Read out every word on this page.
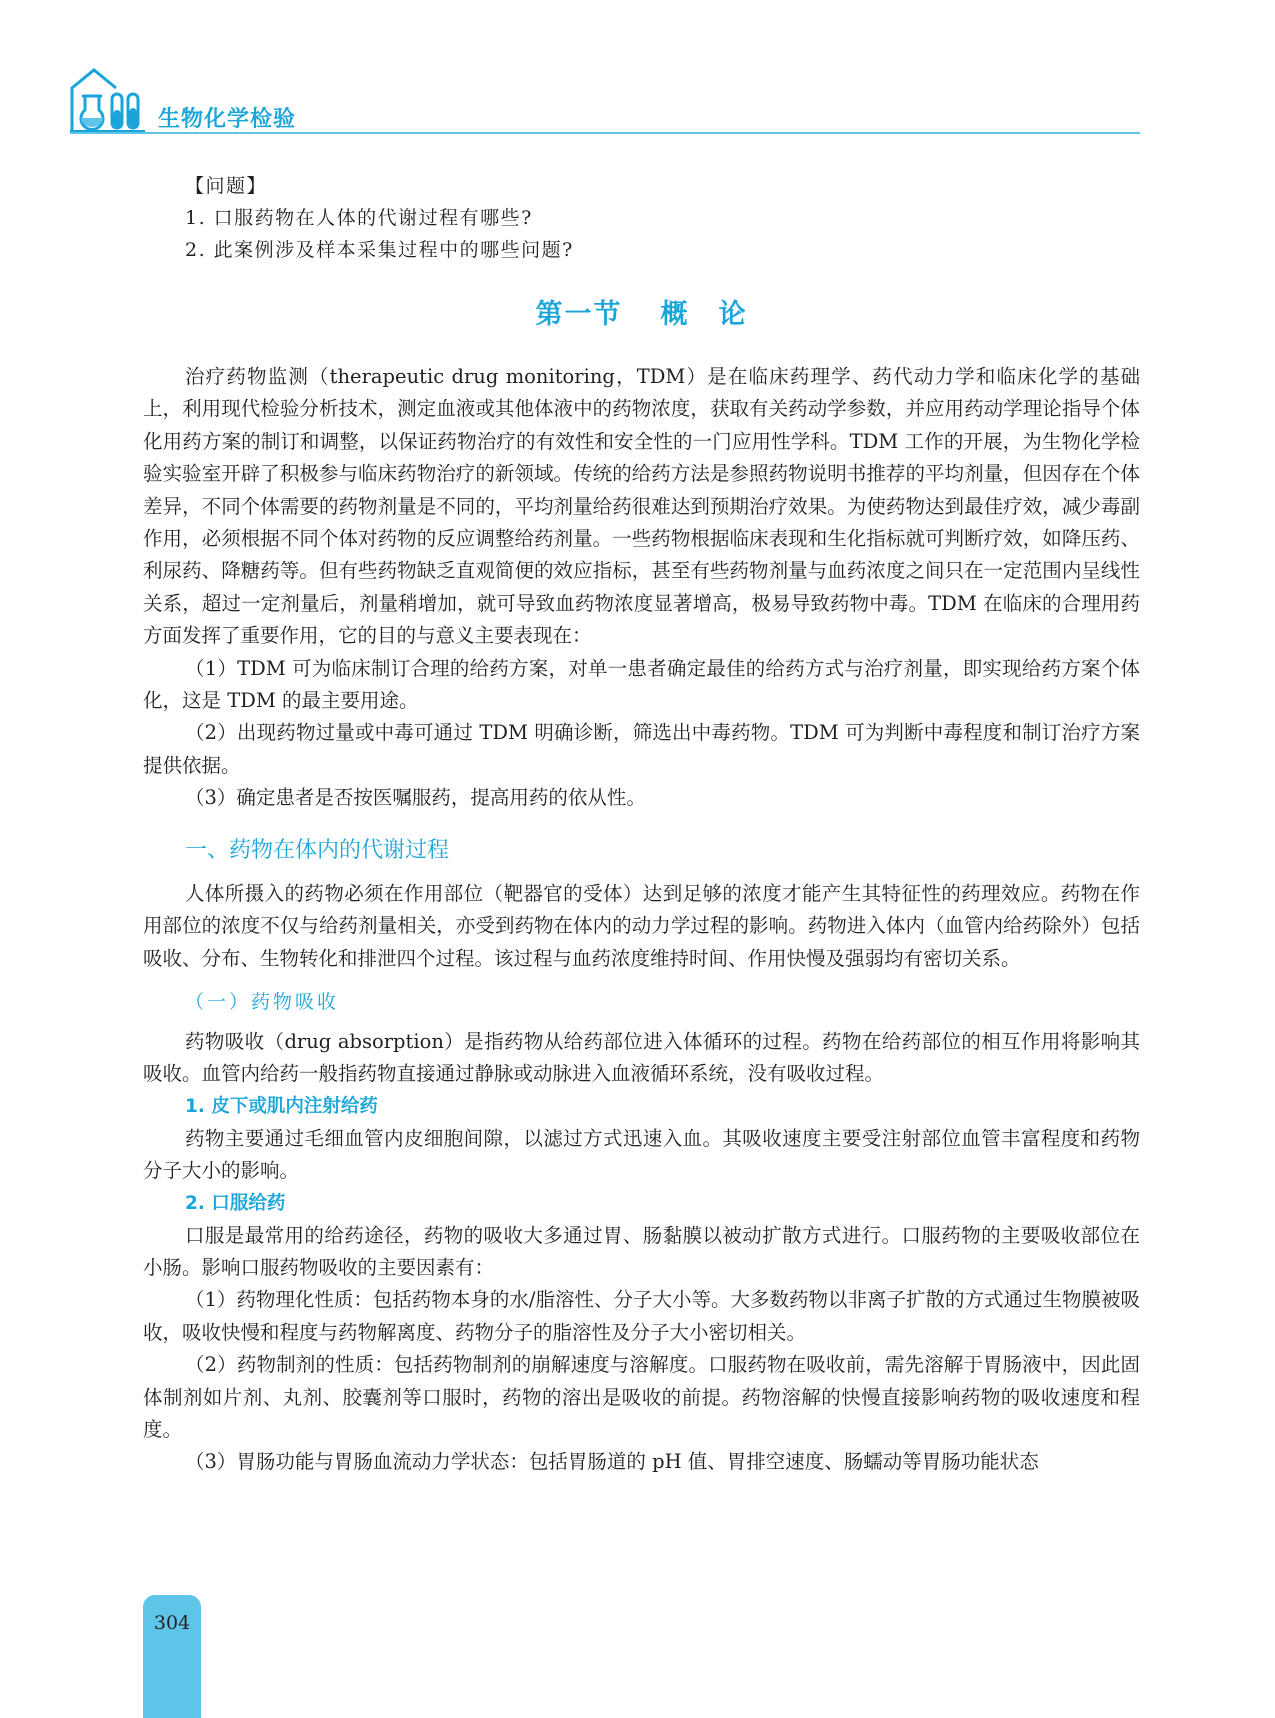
生物化学检验

【问题】

1. 口服药物在人体的代谢过程有哪些?

2. 此案例涉及样本采集过程中的哪些问题?

第一节 概　论

治疗药物监测（therapeutic drug monitoring，TDM）是在临床药理学、药代动力学和临床化学的基础上，利用现代检验分析技术，测定血液或其他体液中的药物浓度，获取有关药动学参数，并应用药动学理论指导个体化用药方案的制订和调整，以保证药物治疗的有效性和安全性的一门应用性学科。TDM 工作的开展，为生物化学检验实验室开辟了积极参与临床药物治疗的新领域。传统的给药方法是参照药物说明书推荐的平均剂量，但因存在个体差异，不同个体需要的药物剂量是不同的，平均剂量给药很难达到预期治疗效果。为使药物达到最佳疗效，减少毒副作用，必须根据不同个体对药物的反应调整给药剂量。一些药物根据临床表现和生化指标就可判断疗效，如降压药、利尿药、降糖药等。但有些药物缺乏直观简便的效应指标，甚至有些药物剂量与血药浓度之间只在一定范围内呈线性关系，超过一定剂量后，剂量稍增加，就可导致血药物浓度显著增高，极易导致药物中毒。TDM 在临床的合理用药方面发挥了重要作用，它的目的与意义主要表现在：

（1）TDM 可为临床制订合理的给药方案，对单一患者确定最佳的给药方式与治疗剂量，即实现给药方案个体化，这是 TDM 的最主要用途。

（2）出现药物过量或中毒可通过 TDM 明确诊断，筛选出中毒药物。TDM 可为判断中毒程度和制订治疗方案提供依据。

（3）确定患者是否按医嘱服药，提高用药的依从性。

一、药物在体内的代谢过程

人体所摄入的药物必须在作用部位（靶器官的受体）达到足够的浓度才能产生其特征性的药理效应。药物在作用部位的浓度不仅与给药剂量相关，亦受到药物在体内的动力学过程的影响。药物进入体内（血管内给药除外）包括吸收、分布、生物转化和排泄四个过程。该过程与血药浓度维持时间、作用快慢及强弱均有密切关系。

（一）药物吸收

药物吸收（drug absorption）是指药物从给药部位进入体循环的过程。药物在给药部位的相互作用将影响其吸收。血管内给药一般指药物直接通过静脉或动脉进入血液循环系统，没有吸收过程。

1. 皮下或肌内注射给药

药物主要通过毛细血管内皮细胞间隙，以滤过方式迅速入血。其吸收速度主要受注射部位血管丰富程度和药物分子大小的影响。

2. 口服给药

口服是最常用的给药途径，药物的吸收大多通过胃、肠黏膜以被动扩散方式进行。口服药物的主要吸收部位在小肠。影响口服药物吸收的主要因素有：

（1）药物理化性质：包括药物本身的水/脂溶性、分子大小等。大多数药物以非离子扩散的方式通过生物膜被吸收，吸收快慢和程度与药物解离度、药物分子的脂溶性及分子大小密切相关。

（2）药物制剂的性质：包括药物制剂的崩解速度与溶解度。口服药物在吸收前，需先溶解于胃肠液中，因此固体制剂如片剂、丸剂、胶囊剂等口服时，药物的溶出是吸收的前提。药物溶解的快慢直接影响药物的吸收速度和程度。

（3）胃肠功能与胃肠血流动力学状态：包括胃肠道的 pH 值、胃排空速度、肠蠕动等胃肠功能状态

304
